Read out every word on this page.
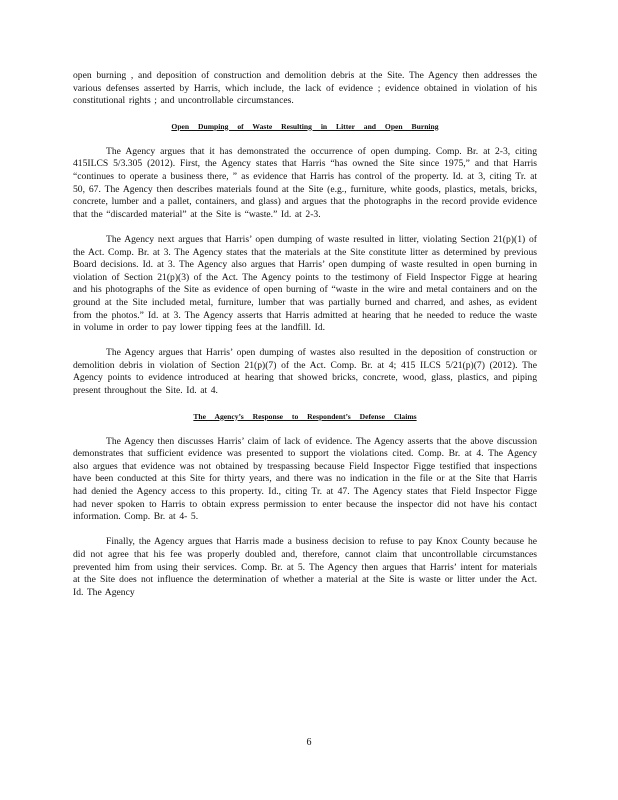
open burning , and deposition of construction and demolition debris at the Site. The Agency then addresses the various defenses asserted by Harris, which include, the lack of evidence ; evidence obtained in violation of his constitutional rights ; and uncontrollable circumstances.

Open Dumping of Waste Resulting in Litter and Open Burning

The Agency argues that it has demonstrated the occurrence of open dumping. Comp. Br. at 2-3, citing 415ILCS 5/3.305 (2012). First, the Agency states that Harris “has owned the Site since 1975,” and that Harris “continues to operate a business there, ” as evidence that Harris has control of the property. Id. at 3, citing Tr. at 50, 67. The Agency then describes materials found at the Site (e.g., furniture, white goods, plastics, metals, bricks, concrete, lumber and a pallet, containers, and glass) and argues that the photographs in the record provide evidence that the “discarded material” at the Site is “waste.” Id. at 2-3.

The Agency next argues that Harris’ open dumping of waste resulted in litter, violating Section 21(p)(1) of the Act. Comp. Br. at 3. The Agency states that the materials at the Site constitute litter as determined by previous Board decisions. Id. at 3. The Agency also argues that Harris’ open dumping of waste resulted in open burning in violation of Section 21(p)(3) of the Act. The Agency points to the testimony of Field Inspector Figge at hearing and his photographs of the Site as evidence of open burning of “waste in the wire and metal containers and on the ground at the Site included metal, furniture, lumber that was partially burned and charred, and ashes, as evident from the photos.” Id. at 3. The Agency asserts that Harris admitted at hearing that he needed to reduce the waste in volume in order to pay lower tipping fees at the landfill. Id.

The Agency argues that Harris’ open dumping of wastes also resulted in the deposition of construction or demolition debris in violation of Section 21(p)(7) of the Act. Comp. Br. at 4; 415 ILCS 5/21(p)(7) (2012). The Agency points to evidence introduced at hearing that showed bricks, concrete, wood, glass, plastics, and piping present throughout the Site. Id. at 4.

The Agency’s Response to Respondent’s Defense Claims

The Agency then discusses Harris’ claim of lack of evidence. The Agency asserts that the above discussion demonstrates that sufficient evidence was presented to support the violations cited. Comp. Br. at 4. The Agency also argues that evidence was not obtained by trespassing because Field Inspector Figge testified that inspections have been conducted at this Site for thirty years, and there was no indication in the file or at the Site that Harris had denied the Agency access to this property. Id., citing Tr. at 47. The Agency states that Field Inspector Figge had never spoken to Harris to obtain express permission to enter because the inspector did not have his contact information. Comp. Br. at 4- 5.

Finally, the Agency argues that Harris made a business decision to refuse to pay Knox County because he did not agree that his fee was properly doubled and, therefore, cannot claim that uncontrollable circumstances prevented him from using their services. Comp. Br. at 5. The Agency then argues that Harris’ intent for materials at the Site does not influence the determination of whether a material at the Site is waste or litter under the Act. Id. The Agency

6
